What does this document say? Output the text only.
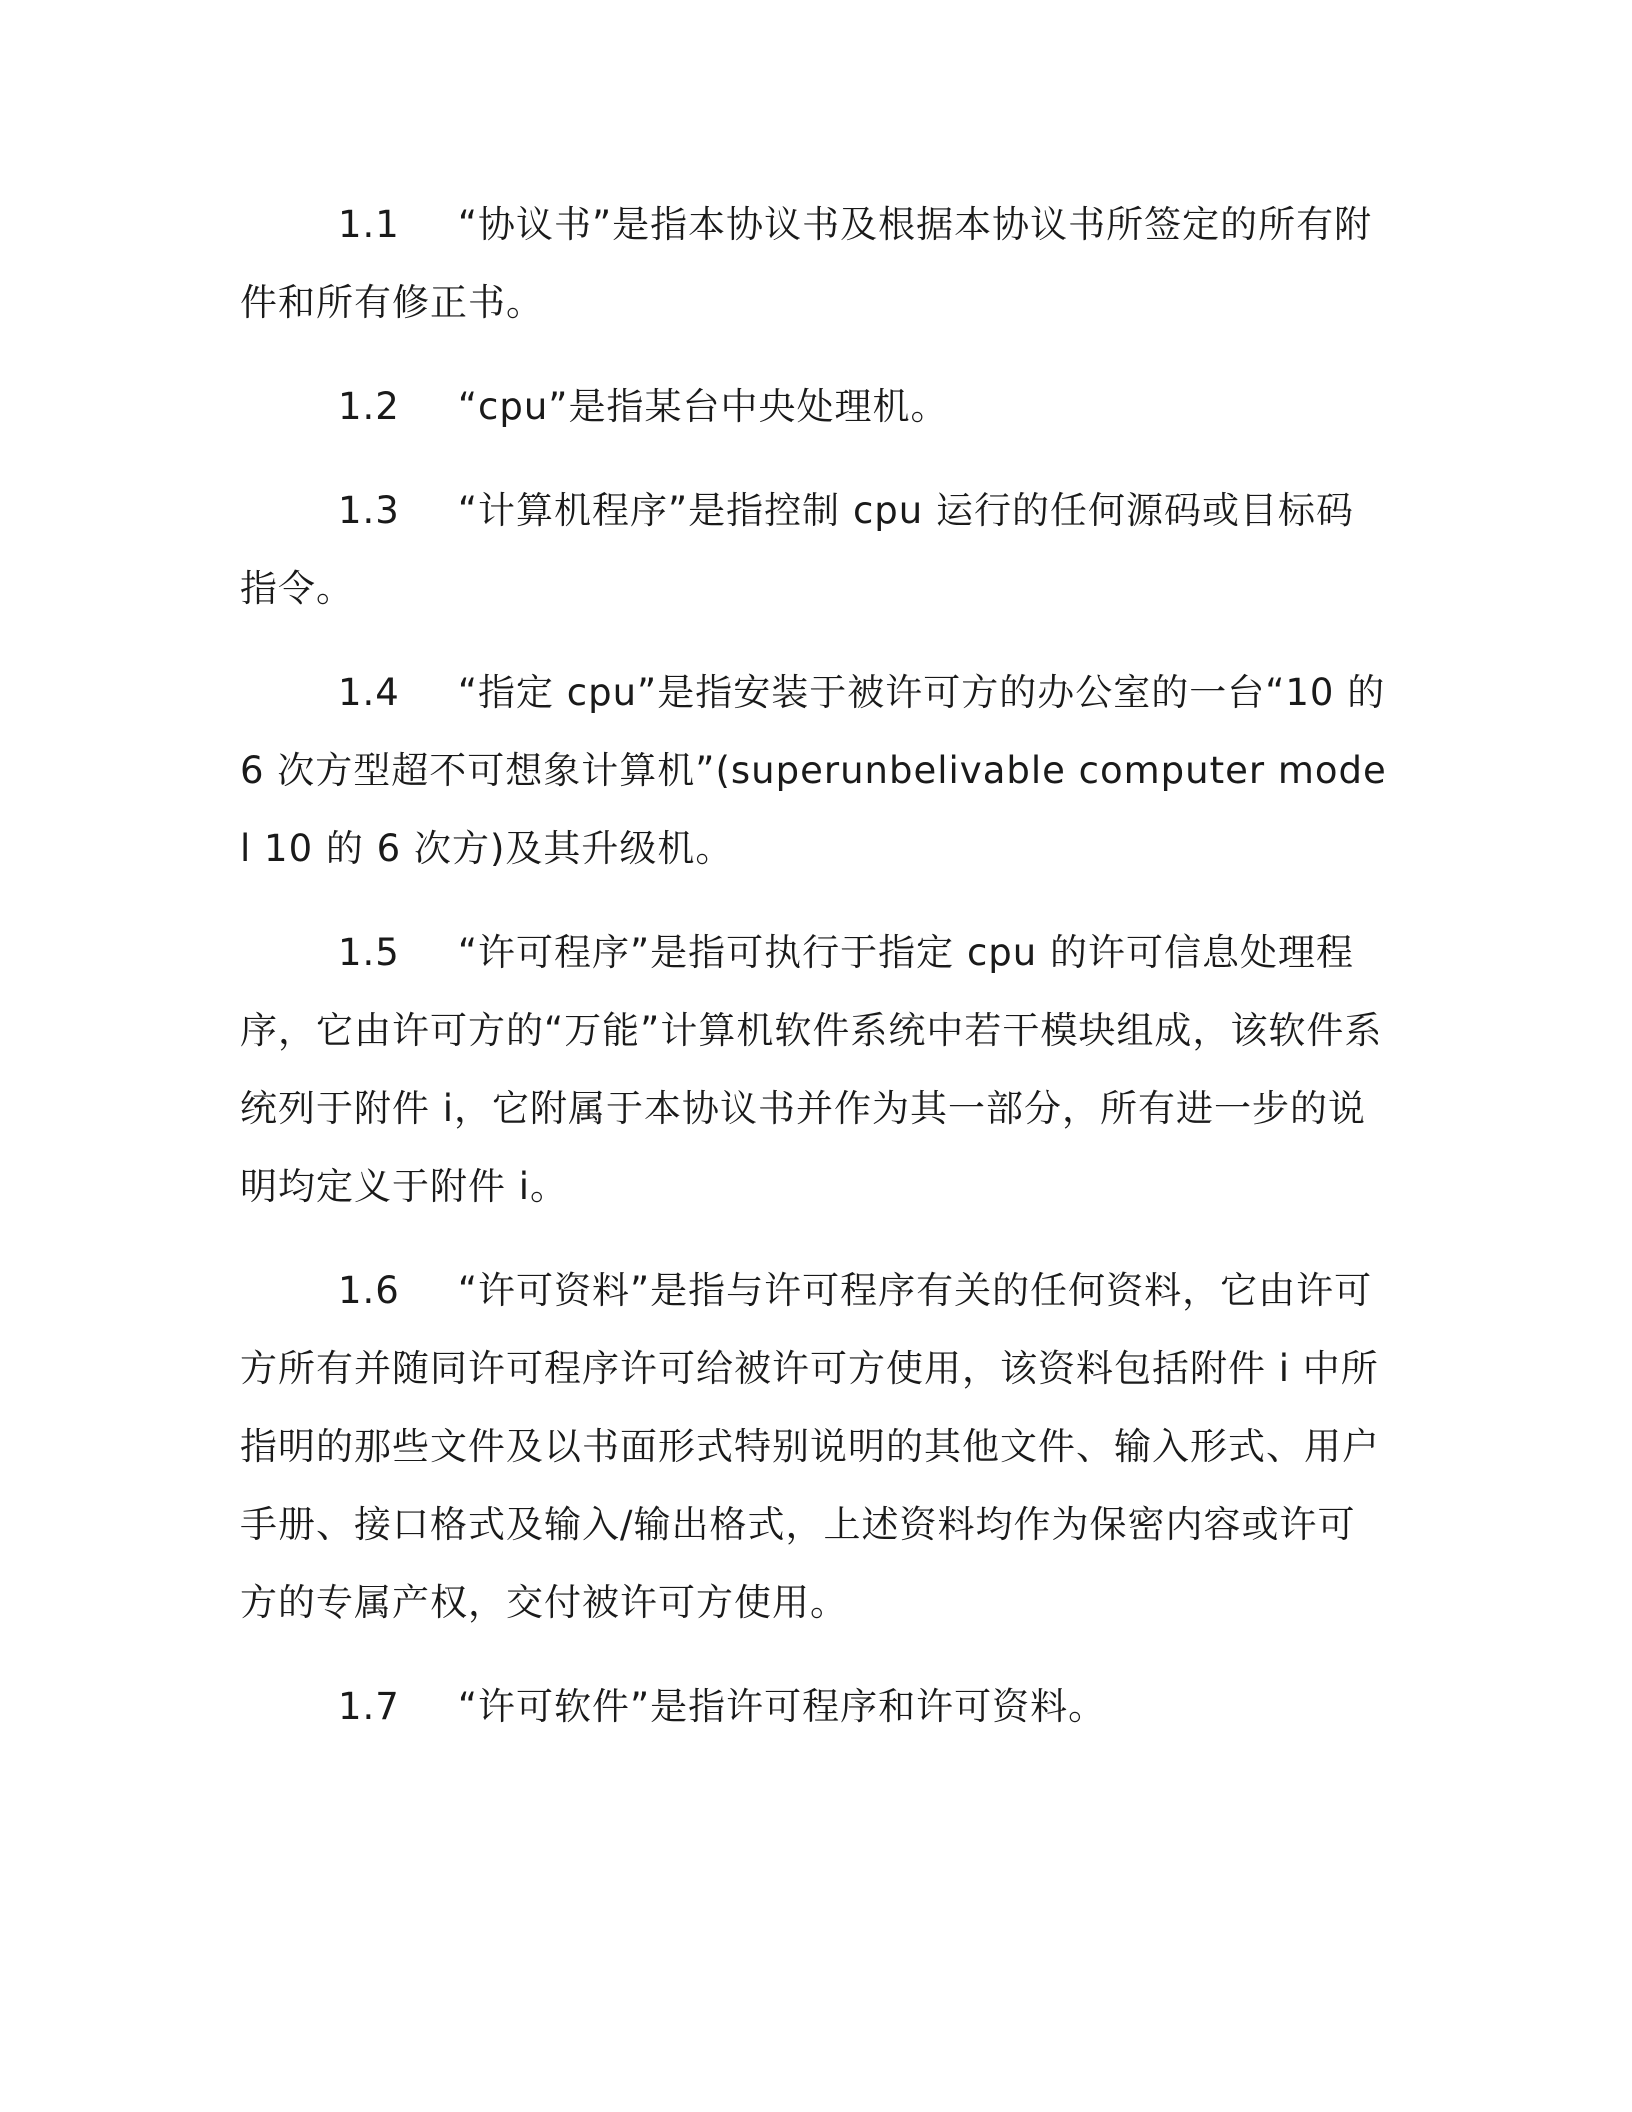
1.1 “协议书”是指本协议书及根据本协议书所签定的所有附件和所有修正书。

1.2 “cpu”是指某台中央处理机。

1.3 “计算机程序”是指控制 cpu 运行的任何源码或目标码指令。

1.4 “指定 cpu”是指安装于被许可方的办公室的一台“10 的 6 次方型超不可想象计算机”(superunbelivable computer model 10 的 6 次方)及其升级机。

1.5 “许可程序”是指可执行于指定 cpu 的许可信息处理程序，它由许可方的“万能”计算机软件系统中若干模块组成，该软件系统列于附件 i，它附属于本协议书并作为其一部分，所有进一步的说明均定义于附件 i。

1.6 “许可资料”是指与许可程序有关的任何资料，它由许可方所有并随同许可程序许可给被许可方使用，该资料包括附件 i 中所指明的那些文件及以书面形式特别说明的其他文件、输入形式、用户手册、接口格式及输入/输出格式，上述资料均作为保密内容或许可方的专属产权，交付被许可方使用。

1.7 “许可软件”是指许可程序和许可资料。
